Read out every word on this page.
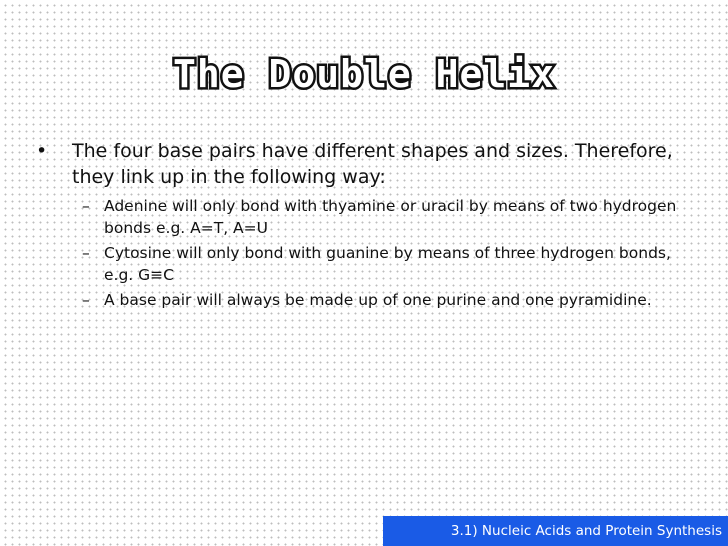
The Double Helix
• The four base pairs have different shapes and sizes. Therefore, they link up in the following way:
– Adenine will only bond with thyamine or uracil by means of two hydrogen bonds e.g. A=T, A=U
– Cytosine will only bond with guanine by means of three hydrogen bonds, e.g. G≡C
– A base pair will always be made up of one purine and one pyramidine.
3.1) Nucleic Acids and Protein Synthesis
